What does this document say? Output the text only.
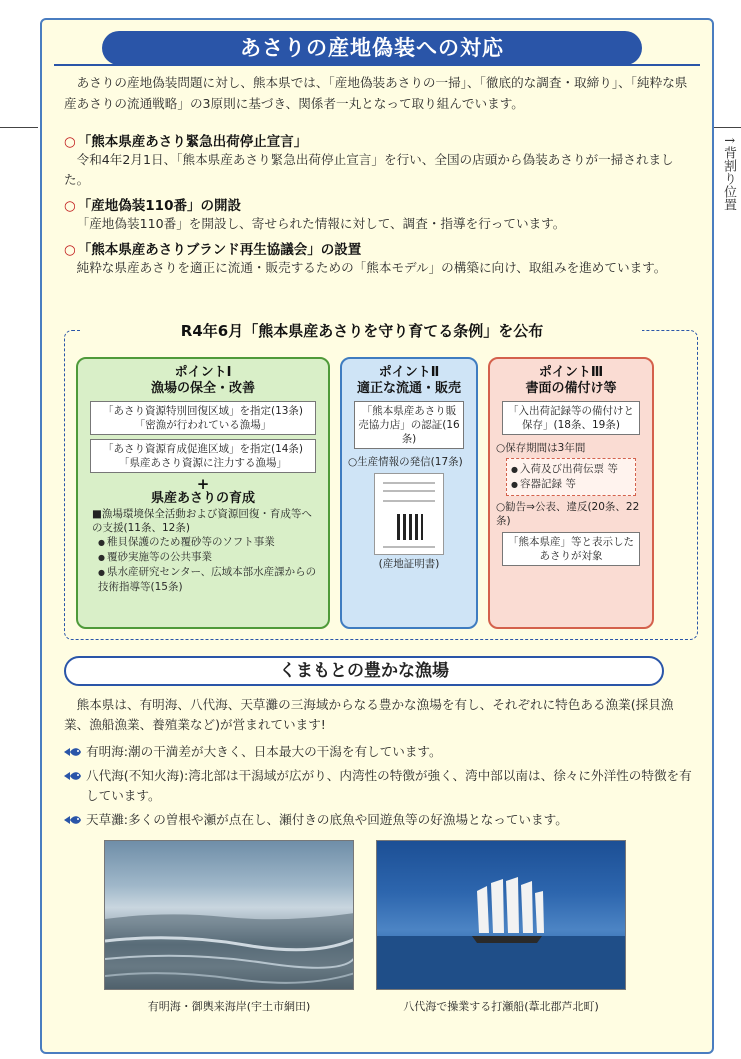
↑背割り位置
あさりの産地偽装への対応

あさりの産地偽装問題に対し、熊本県では、「産地偽装あさりの一掃」、「徹底的な調査・取締り」、「純粋な県産あさりの流通戦略」の3原則に基づき、関係者一丸となって取り組んでいます。

○ 「熊本県産あさり緊急出荷停止宣言」

令和4年2月1日、「熊本県産あさり緊急出荷停止宣言」を行い、全国の店頭から偽装あさりが一掃されました。

○ 「産地偽装110番」の開設

「産地偽装110番」を開設し、寄せられた情報に対して、調査・指導を行っています。

○ 「熊本県産あさりブランド再生協議会」の設置

純粋な県産あさりを適正に流通・販売するための「熊本モデル」の構築に向け、取組みを進めています。

R4年6月「熊本県産あさりを守り育てる条例」を公布
ポイントⅠ
漁場の保全・改善
「あさり資源特別回復区域」を指定(13条)「密漁が行われている漁場」
「あさり資源育成促進区域」を指定(14条)「県産あさり資源に注力する漁場」
+
県産あさりの育成
■漁場環境保全活動および資源回復・育成等への支援(11条、12条)
● 稚貝保護のため覆砂等のソフト事業
● 覆砂実施等の公共事業
● 県水産研究センター、広域本部水産課からの技術指導等(15条)
ポイントⅡ
適正な流通・販売
「熊本県産あさり販売協力店」の認証(16条)
○生産情報の発信(17条)
(産地証明書)
ポイントⅢ
書面の備付け等
「入出荷記録等の備付けと保存」(18条、19条)
○保存期間は3年間
● 入荷及び出荷伝票 等
● 容器記録 等
○勧告⇒公表、違反(20条、22条)
「熊本県産」等と表示したあさりが対象
くまもとの豊かな漁場

熊本県は、有明海、八代海、天草灘の三海域からなる豊かな漁場を有し、それぞれに特色ある漁業(採貝漁業、漁船漁業、養殖業など)が営まれています!

有明海:潮の干満差が大きく、日本最大の干潟を有しています。
八代海(不知火海):湾北部は干潟域が広がり、内湾性の特徴が強く、湾中部以南は、徐々に外洋性の特徴を有しています。
天草灘:多くの曽根や瀬が点在し、瀬付きの底魚や回遊魚等の好漁場となっています。
有明海・御輿来海岸(宇土市網田)	八代海で操業する打瀬船(葦北郡芦北町)
